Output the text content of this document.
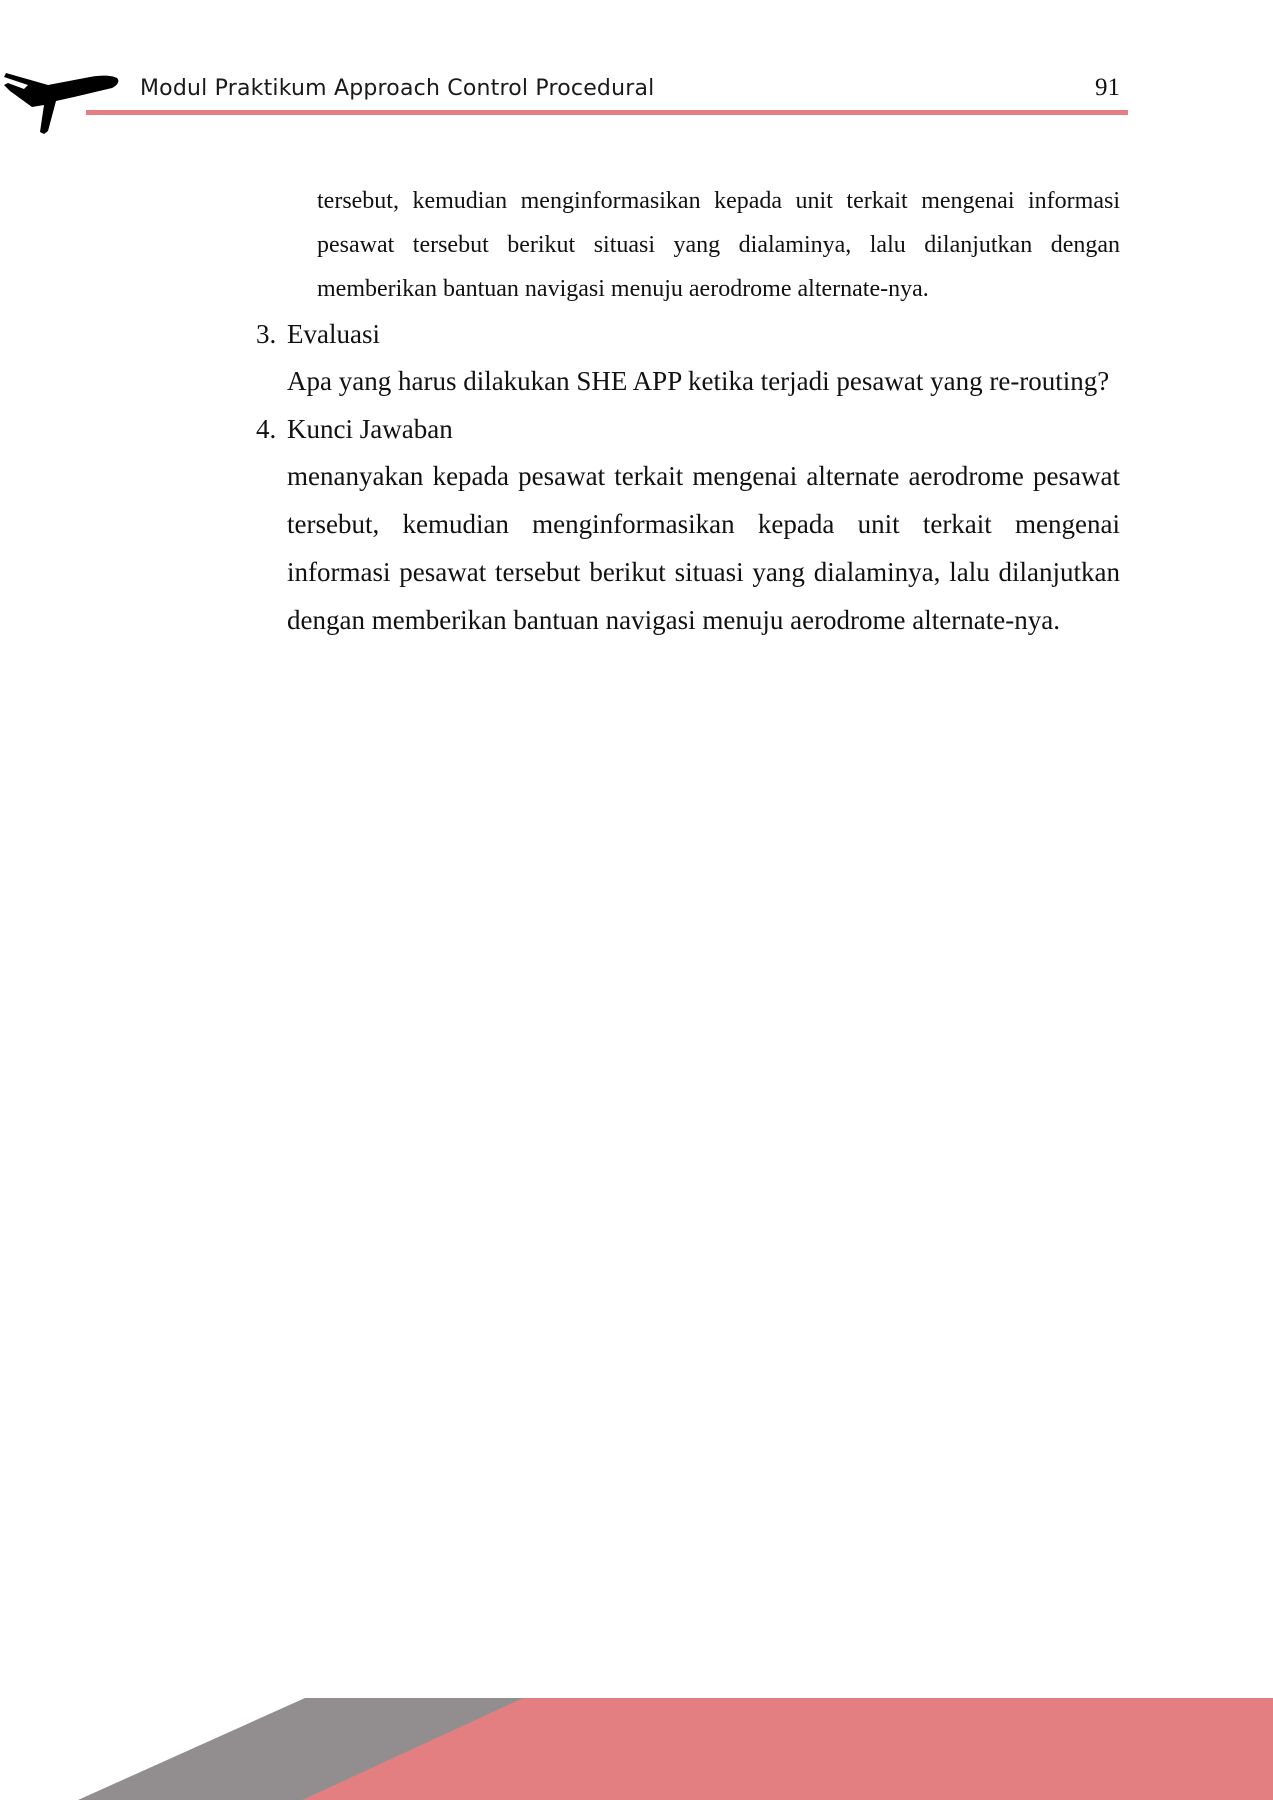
Modul Praktikum Approach Control Procedural	91

tersebut, kemudian menginformasikan kepada unit terkait mengenai informasi pesawat tersebut berikut situasi yang dialaminya, lalu dilanjutkan dengan memberikan bantuan navigasi menuju aerodrome alternate-nya.

3. Evaluasi

Apa yang harus dilakukan SHE APP ketika terjadi pesawat yang re-routing?

4. Kunci Jawaban

menanyakan kepada pesawat terkait mengenai alternate aerodrome pesawat tersebut, kemudian menginformasikan kepada unit terkait mengenai informasi pesawat tersebut berikut situasi yang dialaminya, lalu dilanjutkan dengan memberikan bantuan navigasi menuju aerodrome alternate-nya.
